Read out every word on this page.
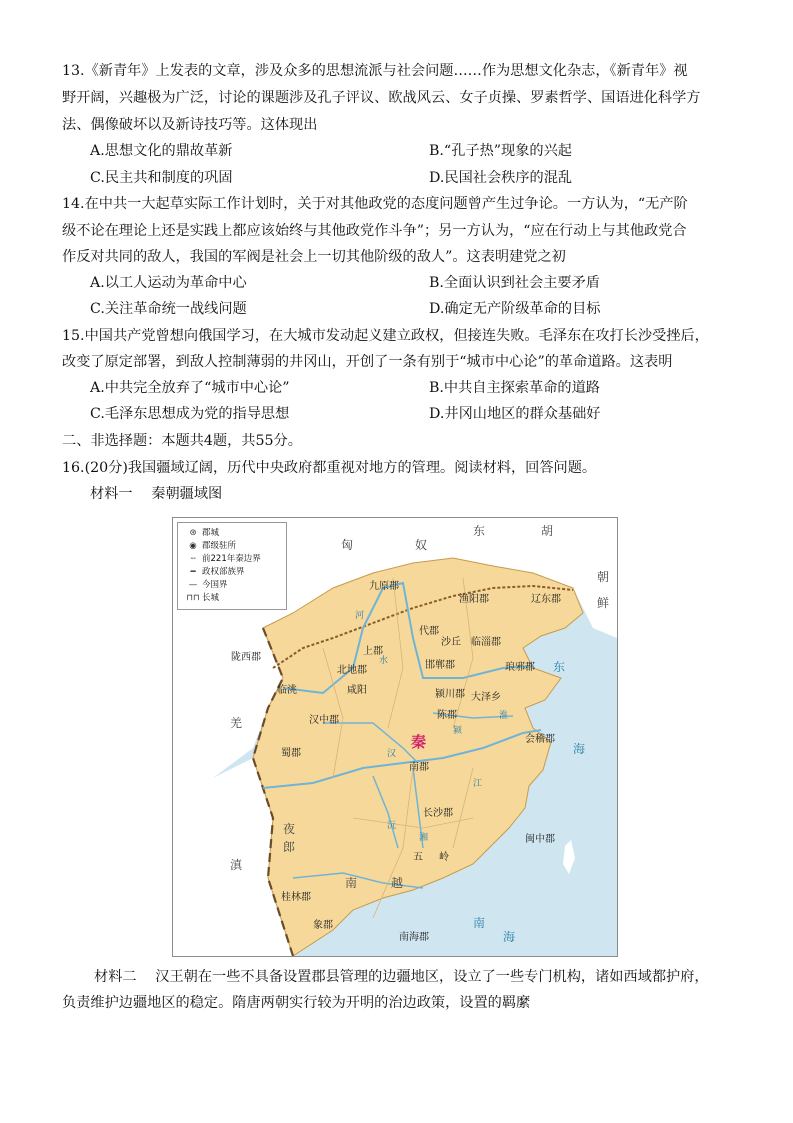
13.《新青年》上发表的文章，涉及众多的思想流派与社会问题……作为思想文化杂志，《新青年》视
野开阔，兴趣极为广泛，讨论的课题涉及孔子评议、欧战风云、女子贞操、罗素哲学、国语进化科学方
法、偶像破坏以及新诗技巧等。这体现出
A.思想文化的鼎故革新	B.“孔子热”现象的兴起
C.民主共和制度的巩固	D.民国社会秩序的混乱
14.在中共一大起草实际工作计划时，关于对其他政党的态度问题曾产生过争论。一方认为，“无产阶
级不论在理论上还是实践上都应该始终与其他政党作斗争”；另一方认为，“应在行动上与其他政党合
作反对共同的敌人，我国的军阀是社会上一切其他阶级的敌人”。这表明建党之初
A.以工人运动为革命中心	B.全面认识到社会主要矛盾
C.关注革命统一战线问题	D.确定无产阶级革命的目标
15.中国共产党曾想向俄国学习，在大城市发动起义建立政权，但接连失败。毛泽东在攻打长沙受挫后，
改变了原定部署，到敌人控制薄弱的井冈山，开创了一条有别于“城市中心论”的革命道路。这表明
A.中共完全放弃了“城市中心论”	B.中共自主探索革命的道路
C.毛泽东思想成为党的指导思想	D.井冈山地区的群众基础好
二、非选择题：本题共4题，共55分。
16.(20分)我国疆域辽阔，历代中央政府都重视对地方的管理。阅读材料，回答问题。
材料一　 秦朝疆域图
⊛ 郡城
◉ 郡级驻所
╌ 前221年秦边界
━ 政权部族界
— 今国界
⊓⊓ 长城
东	胡
匈	奴
羌
夜
郎
滇
南	越
朝
鲜
秦
九原郡
渔阳郡	辽东郡
代郡
上郡
北地郡
陇西郡
临洮	咸阳
邯郸郡
沙丘 临淄郡
琅邪郡
颍川郡 大泽乡
陈郡
汉中郡
蜀郡
南郡
会稽郡
长沙郡
闽中郡
桂林郡
象郡
南海郡
河
水
江
汉
湘
沅
淮
颍
东
海
岭
五
南
海
材料二　 汉王朝在一些不具备设置郡县管理的边疆地区，设立了一些专门机构，诸如西域都护府，
负责维护边疆地区的稳定。隋唐两朝实行较为开明的治边政策，设置的羁縻
